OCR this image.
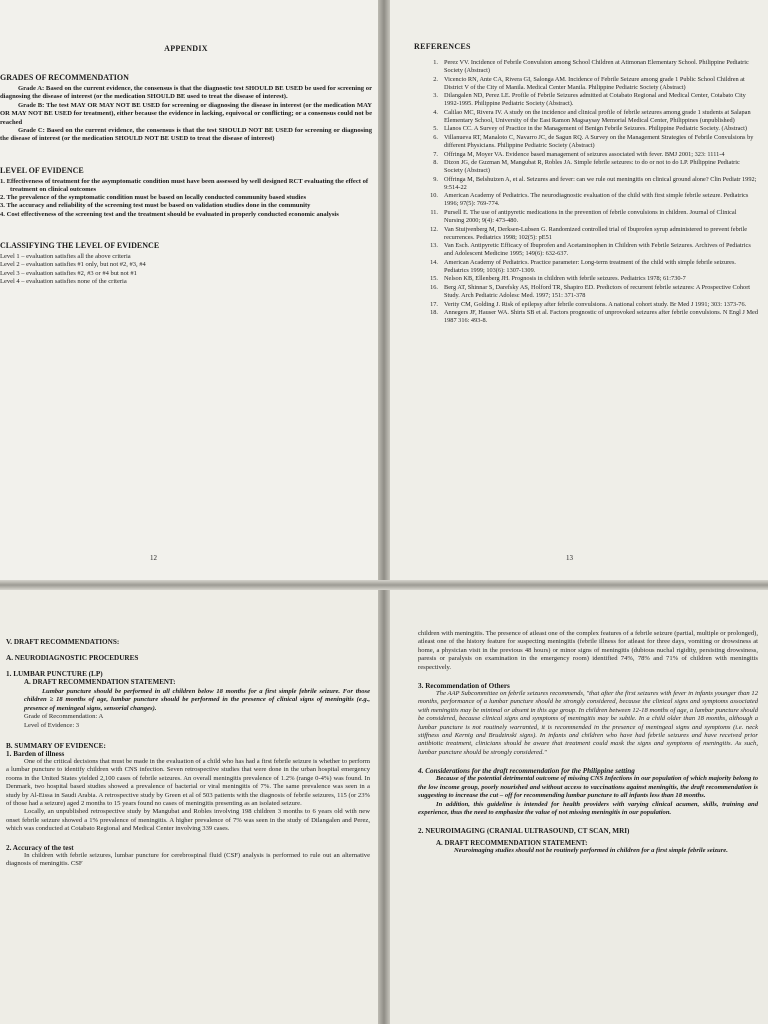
APPENDIX
GRADES OF RECOMMENDATION

Grade A: Based on the current evidence, the consensus is that the diagnostic test SHOULD BE USED be used for screening or diagnosing the disease of interest (or the medication SHOULD BE used to treat the disease of interest).

Grade B: The test MAY OR MAY NOT BE USED for screening or diagnosing the disease in interest (or the medication MAY OR MAY NOT BE USED for treatment), either because the evidence in lacking, equivocal or conflicting; or a consensus could not be reached

Grade C: Based on the current evidence, the consensus is that the test SHOULD NOT BE USED for screening or diagnosing the disease of interest (or the medication SHOULD NOT BE USED to treat the disease of interest)

LEVEL OF EVIDENCE

1. Effectiveness of treatment for the asymptomatic condition must have been assessed by well designed RCT evaluating the effect of treatment on clinical outcomes

2. The prevalence of the symptomatic condition must be based on locally conducted community based studies

3. The accuracy and reliability of the screening test must be based on validation studies done in the community

4. Cost effectiveness of the screening test and the treatment should be evaluated in properly conducted economic analysis

CLASSIFYING THE LEVEL OF EVIDENCE
Level 1 – evaluation satisfies all the above criteria
Level 2 – evaluation satisfies #1 only, but not #2, #3, #4
Level 3 – evaluation satisfies #2, #3 or #4 but not #1
Level 4 – evaluation satisfies none of the criteria
12
REFERENCES
1. Perez VV. Incidence of Febrile Convulsion among School Children at Atimonan Elementary School. Philippine Pediatric Society (Abstract)
2. Vicencio RN, Ante CA, Rivera GI, Salonga AM. Incidence of Febrile Seizure among grade 1 Public School Children at District V of the City of Manila. Medical Center Manila. Philippine Pediatric Society (Abstract)
3. Dilangalen ND, Perez LE. Profile of Febrile Seizures admitted at Cotabato Regional and Medical Center, Cotabato City 1992-1995. Philippine Pediatric Society (Abstract).
4. Calilao MC, Rivera IV. A study on the incidence and clinical profile of febrile seizures among grade 1 students at Salapan Elementary School, University of the East Ramon Magsaysay Memorial Medical Center, Philippines (unpublished)
5. Llanos CC. A Survey of Practice in the Management of Benign Febrile Seizures. Philippine Pediatric Society. (Abstract)
6. Villanueva RT, Manaloto C, Navarro JC, de Sagun RQ. A Survey on the Management Strategies of Febrile Convulsions by different Physicians. Philippine Pediatric Society (Abstract)
7. Offringa M, Moyer VA. Evidence based management of seizures associated with fever. BMJ 2001; 323: 1111-4
8. Dizon JG, de Guzman M, Mangubat R, Robles JA. Simple febrile seizures: to do or not to do LP. Philippine Pediatric Society (Abstract)
9. Offringa M, Belshuizen A, et al. Seizures and fever: can we rule out meningitis on clinical ground alone? Clin Pediatr 1992; 9:514-22
10. American Academy of Pediatrics. The neurodiagnostic evaluation of the child with first simple febrile seizure. Pediatrics 1996; 97(5): 769-774.
11. Pursell E. The use of antipyretic medications in the prevention of febrile convulsions in children. Journal of Clinical Nursing 2000; 9(4): 473-480.
12. Van Stuijvenberg M, Derksen-Lubsen G. Randomized controlled trial of Ibuprofen syrup administered to prevent febrile recurrences. Pediatrics 1998; 102(5): pE51
13. Van Esch. Antipyretic Efficacy of Ibuprofen and Acetaminophen in Children with Febrile Seizures. Archives of Pediatrics and Adolescent Medicine 1995; 149(6): 632-637.
14. American Academy of Pediatrics. Practice parameter: Long-term treatment of the child with simple febrile seizures. Pediatrics 1999; 103(6): 1307-1309.
15. Nelson KB, Ellenberg JH. Prognosis in children with febrile seizures. Pediatrics 1978; 61:730-7
16. Berg AT, Shinnar S, Darefsky AS, Holford TR, Shapiro ED. Predictors of recurrent febrile seizures: A Prospective Cohort Study. Arch Pediatric Adolesc Med. 1997; 151: 371-378
17. Verity CM, Golding J. Risk of epilepsy after febrile convulsions. A national cohort study. Br Med J 1991; 303: 1373-76.
18. Annegers JF, Hauser WA. Shirts SB et al. Factors prognostic of unprovoked seizures after febrile convulsions. N Engl J Med 1987 316: 493-8.
13
V. DRAFT RECOMMENDATIONS:
A. NEURODIAGNOSTIC PROCEDURES
1. LUMBAR PUNCTURE (LP)
A. DRAFT RECOMMENDATION STATEMENT:

Lumbar puncture should be performed in all children below 18 months for a first simple febrile seizure. For those children ≥ 18 months of age, lumbar puncture should be performed in the presence of clinical signs of meningitis (e.g., presence of meningeal signs, sensorial changes).

Grade of Recommendation: A

Level of Evidence: 3

B. SUMMARY OF EVIDENCE:
1. Barden of illness

One of the critical decisions that must be made in the evaluation of a child who has had a first febrile seizure is whether to perform a lumbar puncture to identify children with CNS infection. Seven retrospective studies that were done in the urban hospital emergency rooms in the United States yielded 2,100 cases of febrile seizures. An overall meningitis prevalence of 1.2% (range 0-4%) was found. In Denmark, two hospital based studies showed a prevalence of bacterial or viral meningitis of 7%. The same prevalence was seen in a study by Al-Eissa in Saudi Arabia. A retrospective study by Green et al of 503 patients with the diagnosis of febrile seizures, 115 (or 23% of those had a seizure) aged 2 months to 15 years found no cases of meningitis presenting as an isolated seizure.

Locally, an unpublished retrospective study by Mangubat and Robles involving 198 children 3 months to 6 years old with new onset febrile seizure showed a 1% prevalence of meningitis. A higher prevalence of 7% was seen in the study of Dilangalen and Perez, which was conducted at Cotabato Regional and Medical Center involving 339 cases.

2. Accuracy of the test

In children with febrile seizures, lumbar puncture for cerebrospinal fluid (CSF) analysis is performed to rule out an alternative diagnosis of meningitis. CSF

children with meningitis. The presence of atleast one of the complex features of a febrile seizure (partial, multiple or prolonged), atleast one of the history feature for suspecting meningitis (febrile illness for atleast for three days, vomiting or drowsiness at home, a physician visit in the previous 48 hours) or minor signs of meningitis (dubious nuchal rigidity, persisting drowsiness, paresis or paralysis on examination in the emergency room) identified 74%, 78% and 71% of children with meningitis respectively.

3. Recommendation of Others

The AAP Subcommittee on febrile seizures recommends, "that after the first seizures with fever in infants younger than 12 months, performance of a lumbar puncture should be strongly considered, because the clinical signs and symptoms associated with meningitis may be minimal or absent in this age group. In children between 12-18 months of age, a lumbar puncture should be considered, because clinical signs and symptoms of meningitis may be subtle. In a child older than 18 months, although a lumbar puncture is not routinely warranted, it is recommended in the presence of meningeal signs and symptoms (i.e. neck stiffness and Kernig and Brudzinski signs). In infants and children who have had febrile seizures and have received prior antibiotic treatment, clinicians should be aware that treatment could mask the signs and symptoms of meningitis. As such, lumbar puncture should be strongly considered."

4. Considerations for the draft recommendation for the Philippine setting

Because of the potential detrimental outcome of missing CNS Infections in our population of which majority belong to the low income group, poorly nourished and without access to vaccinations against meningitis, the draft recommendation is suggesting to increase the cut – off for recommending lumbar puncture to all infants less than 18 months.

In addition, this guideline is intended for health providers with varying clinical acumen, skills, training and experience, thus the need to emphasize the value of not missing meningitis in our population.

2. NEUROIMAGING (CRANIAL ULTRASOUND, CT SCAN, MRI)
A. DRAFT RECOMMENDATION STATEMENT:

Neuroimaging studies should not be routinely performed in children for a first simple febrile seizure.
